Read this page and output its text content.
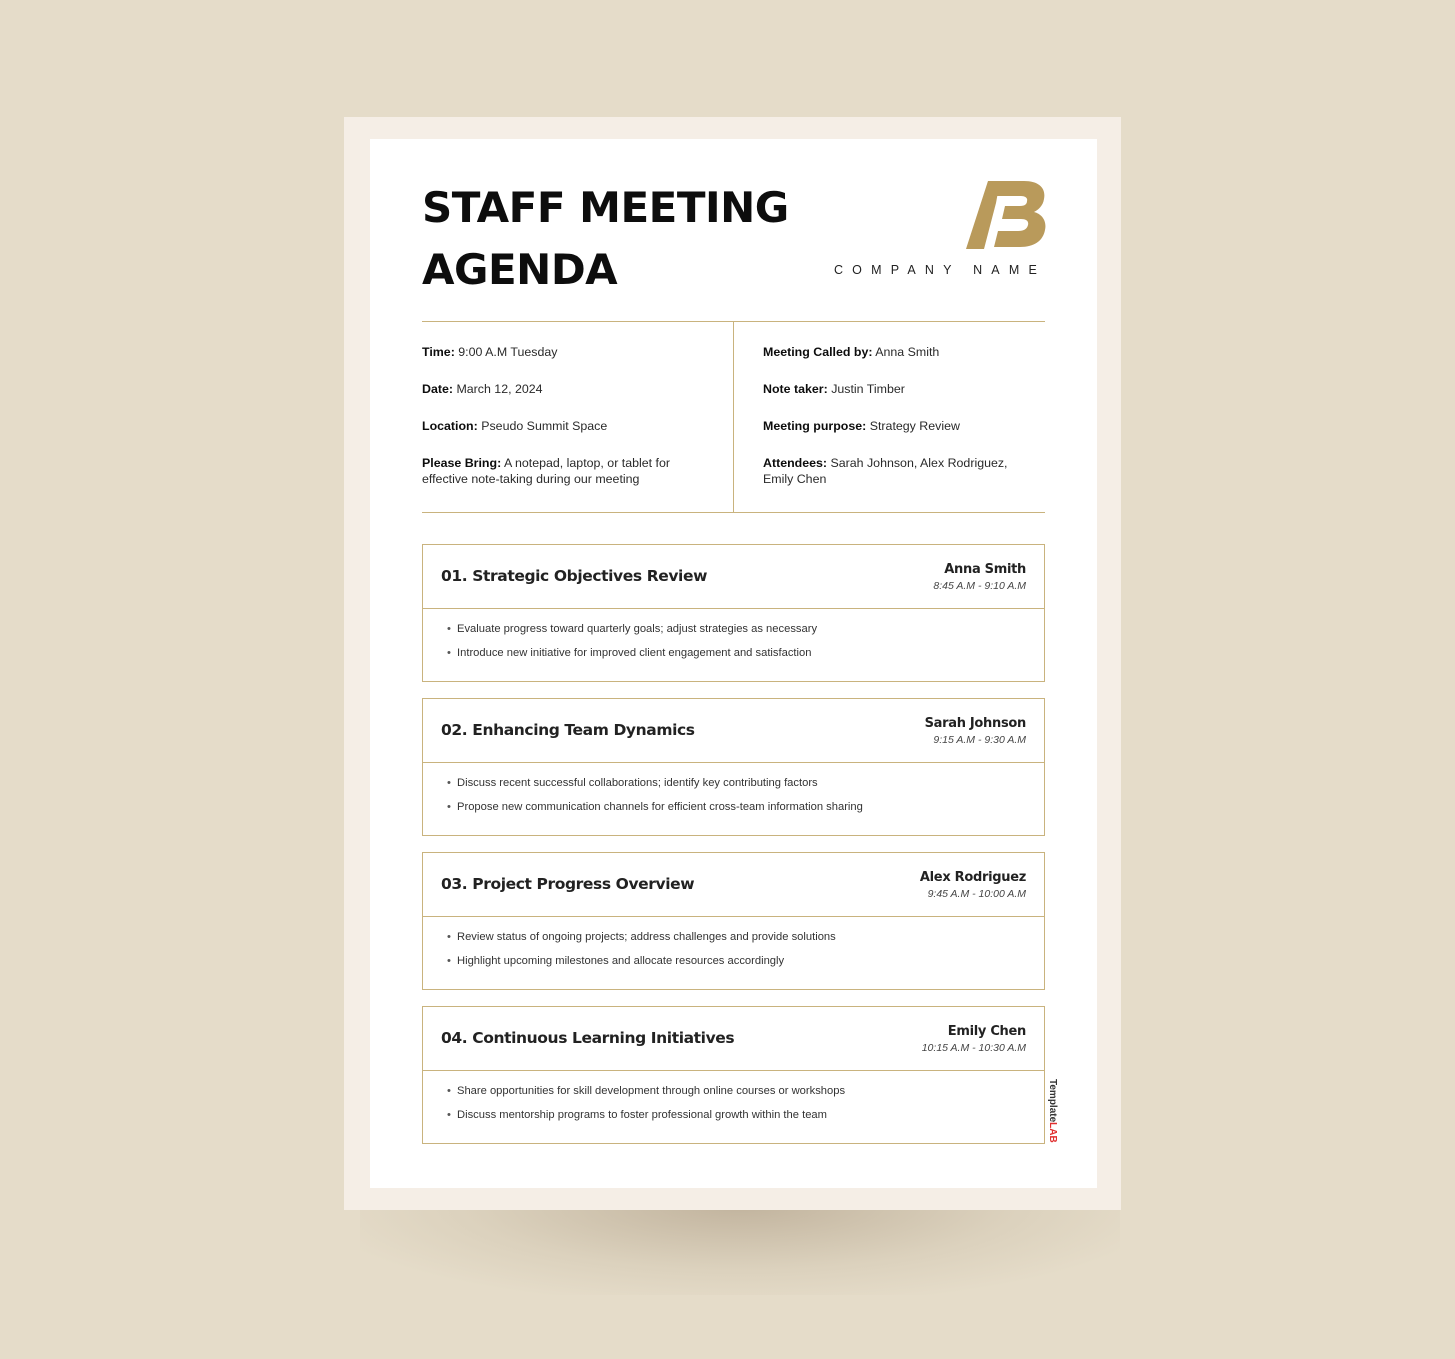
STAFF MEETING
AGENDA	COMPANY NAME
Time: 9:00 A.M Tuesday
Date: March 12, 2024
Location: Pseudo Summit Space
Please Bring: A notepad, laptop, or tablet for effective note-taking during our meeting
Meeting Called by: Anna Smith
Note taker: Justin Timber
Meeting purpose: Strategy Review
Attendees: Sarah Johnson, Alex Rodriguez, Emily Chen
01. Strategic Objectives Review	Anna Smith
8:45 A.M - 9:10 A.M
• Evaluate progress toward quarterly goals; adjust strategies as necessary
• Introduce new initiative for improved client engagement and satisfaction
02. Enhancing Team Dynamics	Sarah Johnson
9:15 A.M - 9:30 A.M
• Discuss recent successful collaborations; identify key contributing factors
• Propose new communication channels for efficient cross-team information sharing
03. Project Progress Overview	Alex Rodriguez
9:45 A.M - 10:00 A.M
• Review status of ongoing projects; address challenges and provide solutions
• Highlight upcoming milestones and allocate resources accordingly
04. Continuous Learning Initiatives	Emily Chen
10:15 A.M - 10:30 A.M
• Share opportunities for skill development through online courses or workshops
• Discuss mentorship programs to foster professional growth within the team	TemplateLAB
